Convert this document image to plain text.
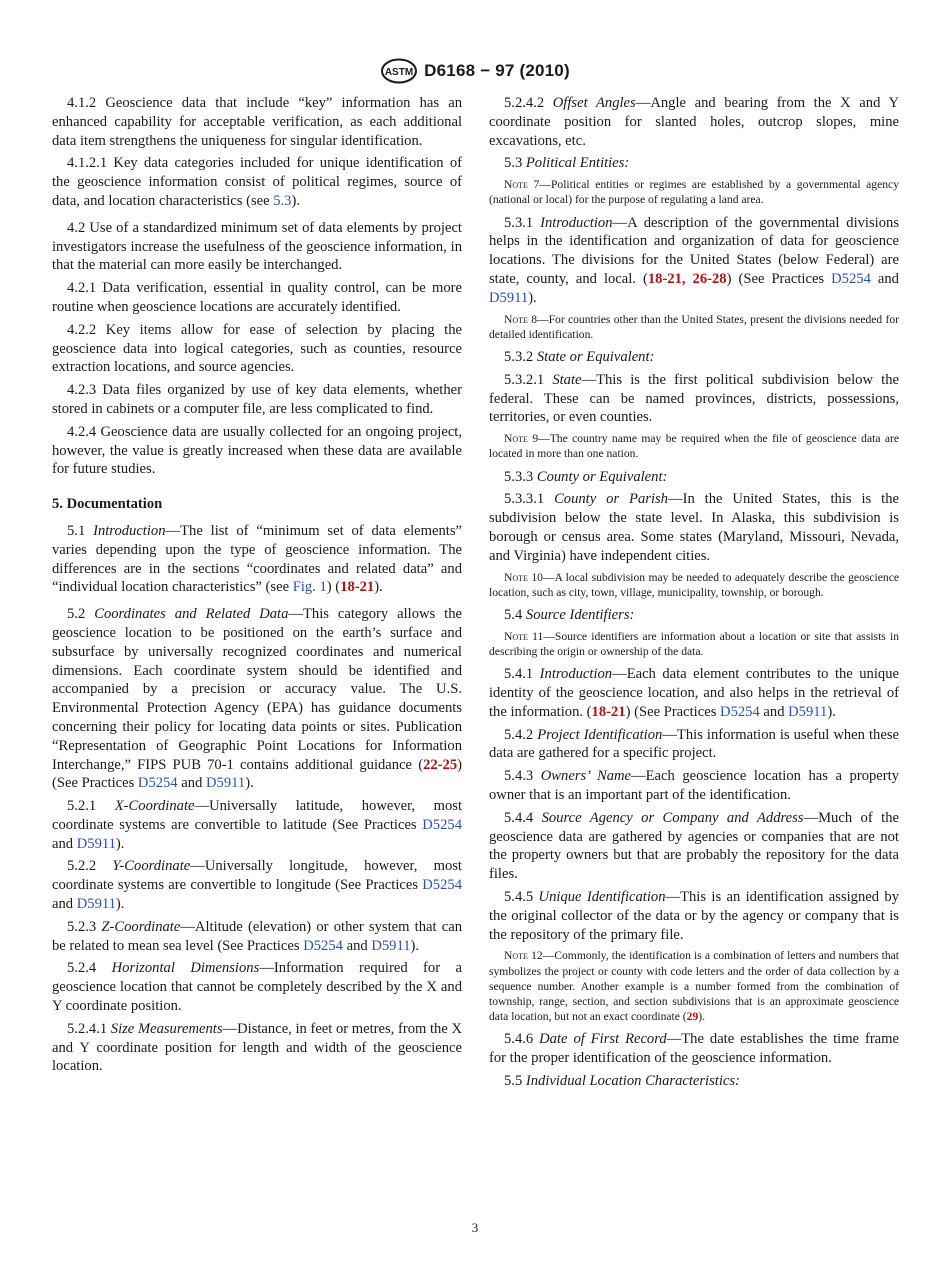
ASTM D6168 − 97 (2010)

4.1.2 Geoscience data that include “key” information has an enhanced capability for acceptable verification, as each additional data item strengthens the uniqueness for singular identification.

4.1.2.1 Key data categories included for unique identification of the geoscience information consist of political regimes, source of data, and location characteristics (see 5.3).

4.2 Use of a standardized minimum set of data elements by project investigators increase the usefulness of the geoscience information, in that the material can more easily be interchanged.

4.2.1 Data verification, essential in quality control, can be more routine when geoscience locations are accurately identified.

4.2.2 Key items allow for ease of selection by placing the geoscience data into logical categories, such as counties, resource extraction locations, and source agencies.

4.2.3 Data files organized by use of key data elements, whether stored in cabinets or a computer file, are less complicated to find.

4.2.4 Geoscience data are usually collected for an ongoing project, however, the value is greatly increased when these data are available for future studies.

5. Documentation

5.1 Introduction—The list of “minimum set of data elements” varies depending upon the type of geoscience information. The differences are in the sections “coordinates and related data” and “individual location characteristics” (see Fig. 1) (18-21).

5.2 Coordinates and Related Data—This category allows the geoscience location to be positioned on the earth’s surface and subsurface by universally recognized coordinates and numerical dimensions. Each coordinate system should be identified and accompanied by a precision or accuracy value. The U.S. Environmental Protection Agency (EPA) has guidance documents concerning their policy for locating data points or sites. Publication “Representation of Geographic Point Locations for Information Interchange,” FIPS PUB 70-1 contains additional guidance (22-25) (See Practices D5254 and D5911).

5.2.1 X-Coordinate—Universally latitude, however, most coordinate systems are convertible to latitude (See Practices D5254 and D5911).

5.2.2 Y-Coordinate—Universally longitude, however, most coordinate systems are convertible to longitude (See Practices D5254 and D5911).

5.2.3 Z-Coordinate—Altitude (elevation) or other system that can be related to mean sea level (See Practices D5254 and D5911).

5.2.4 Horizontal Dimensions—Information required for a geoscience location that cannot be completely described by the X and Y coordinate position.

5.2.4.1 Size Measurements—Distance, in feet or metres, from the X and Y coordinate position for length and width of the geoscience location.

5.2.4.2 Offset Angles—Angle and bearing from the X and Y coordinate position for slanted holes, outcrop slopes, mine excavations, etc.

5.3 Political Entities:

Note 7—Political entities or regimes are established by a governmental agency (national or local) for the purpose of regulating a land area.

5.3.1 Introduction—A description of the governmental divisions helps in the identification and organization of data for geoscience locations. The divisions for the United States (below Federal) are state, county, and local. (18-21, 26-28) (See Practices D5254 and D5911).

Note 8—For countries other than the United States, present the divisions needed for detailed identification.

5.3.2 State or Equivalent:

5.3.2.1 State—This is the first political subdivision below the federal. These can be named provinces, districts, possessions, territories, or even counties.

Note 9—The country name may be required when the file of geoscience data are located in more than one nation.

5.3.3 County or Equivalent:

5.3.3.1 County or Parish—In the United States, this is the subdivision below the state level. In Alaska, this subdivision is borough or census area. Some states (Maryland, Missouri, Nevada, and Virginia) have independent cities.

Note 10—A local subdivision may be needed to adequately describe the geoscience location, such as city, town, village, municipality, township, or borough.

5.4 Source Identifiers:

Note 11—Source identifiers are information about a location or site that assists in describing the origin or ownership of the data.

5.4.1 Introduction—Each data element contributes to the unique identity of the geoscience location, and also helps in the retrieval of the information. (18-21) (See Practices D5254 and D5911).

5.4.2 Project Identification—This information is useful when these data are gathered for a specific project.

5.4.3 Owners’ Name—Each geoscience location has a property owner that is an important part of the identification.

5.4.4 Source Agency or Company and Address—Much of the geoscience data are gathered by agencies or companies that are not the property owners but that are probably the repository for the data files.

5.4.5 Unique Identification—This is an identification assigned by the original collector of the data or by the agency or company that is the repository of the primary file.

Note 12—Commonly, the identification is a combination of letters and numbers that symbolizes the project or county with code letters and the order of data collection by a sequence number. Another example is a number formed from the combination of township, range, section, and section subdivisions that is an approximate geoscience data location, but not an exact coordinate (29).

5.4.6 Date of First Record—The date establishes the time frame for the proper identification of the geoscience information.

5.5 Individual Location Characteristics:

3
